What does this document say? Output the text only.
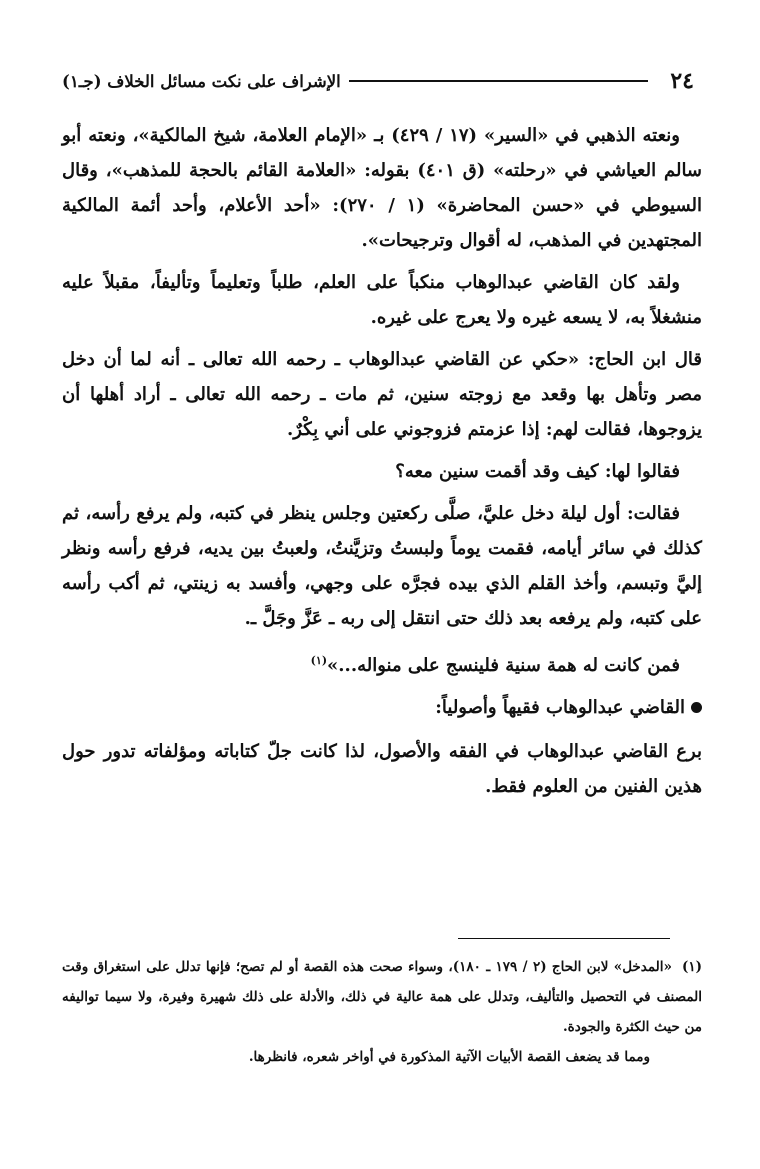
٢٤
الإشراف على نكت مسائل الخلاف (جـ١)

ونعته الذهبي في «السير» (١٧ / ٤٢٩) بـ «الإمام العلامة، شيخ المالكية»، ونعته أبو سالم العياشي في «رحلته» (ق ٤٠١) بقوله: «العلامة القائم بالحجة للمذهب»، وقال السيوطي في «حسن المحاضرة» (١ / ٢٧٠): «أحد الأعلام، وأحد أئمة المالكية المجتهدين في المذهب، له أقوال وترجيحات».

ولقد كان القاضي عبدالوهاب منكباً على العلم، طلباً وتعليماً وتأليفاً، مقبلاً عليه منشغلاً به، لا يسعه غيره ولا يعرج على غيره.

قال ابن الحاج: «حكي عن القاضي عبدالوهاب ـ رحمه الله تعالى ـ أنه لما أن دخل مصر وتأهل بها وقعد مع زوجته سنين، ثم مات ـ رحمه الله تعالى ـ أراد أهلها أن يزوجوها، فقالت لهم: إذا عزمتم فزوجوني على أني بِكْرٌ.

فقالوا لها: كيف وقد أقمت سنين معه؟

فقالت: أول ليلة دخل عليَّ، صلَّى ركعتين وجلس ينظر في كتبه، ولم يرفع رأسه، ثم كذلك في سائر أيامه، فقمت يوماً ولبستُ وتزيَّنتُ، ولعبتُ بين يديه، فرفع رأسه ونظر إليَّ وتبسم، وأخذ القلم الذي بيده فجرَّه على وجهي، وأفسد به زينتي، ثم أكب رأسه على كتبه، ولم يرفعه بعد ذلك حتى انتقل إلى ربه ـ عَزَّ وجَلَّ ـ.

فمن كانت له همة سنية فلينسج على منواله...»$^{(١)}$

القاضي عبدالوهاب فقيهاً وأصولياً:

برع القاضي عبدالوهاب في الفقه والأصول، لذا كانت جلّ كتاباته ومؤلفاته تدور حول هذين الفنين من العلوم فقط.

(١)«المدخل» لابن الحاج (٢ / ١٧٩ ـ ١٨٠)، وسواء صحت هذه القصة أو لم تصح؛ فإنها تدلل على استغراق وقت المصنف في التحصيل والتأليف، وتدلل على همة عالية في ذلك، والأدلة على ذلك شهيرة وفيرة، ولا سيما تواليفه من حيث الكثرة والجودة.

ومما قد يضعف القصة الأبيات الآتية المذكورة في أواخر شعره، فانظرها.
